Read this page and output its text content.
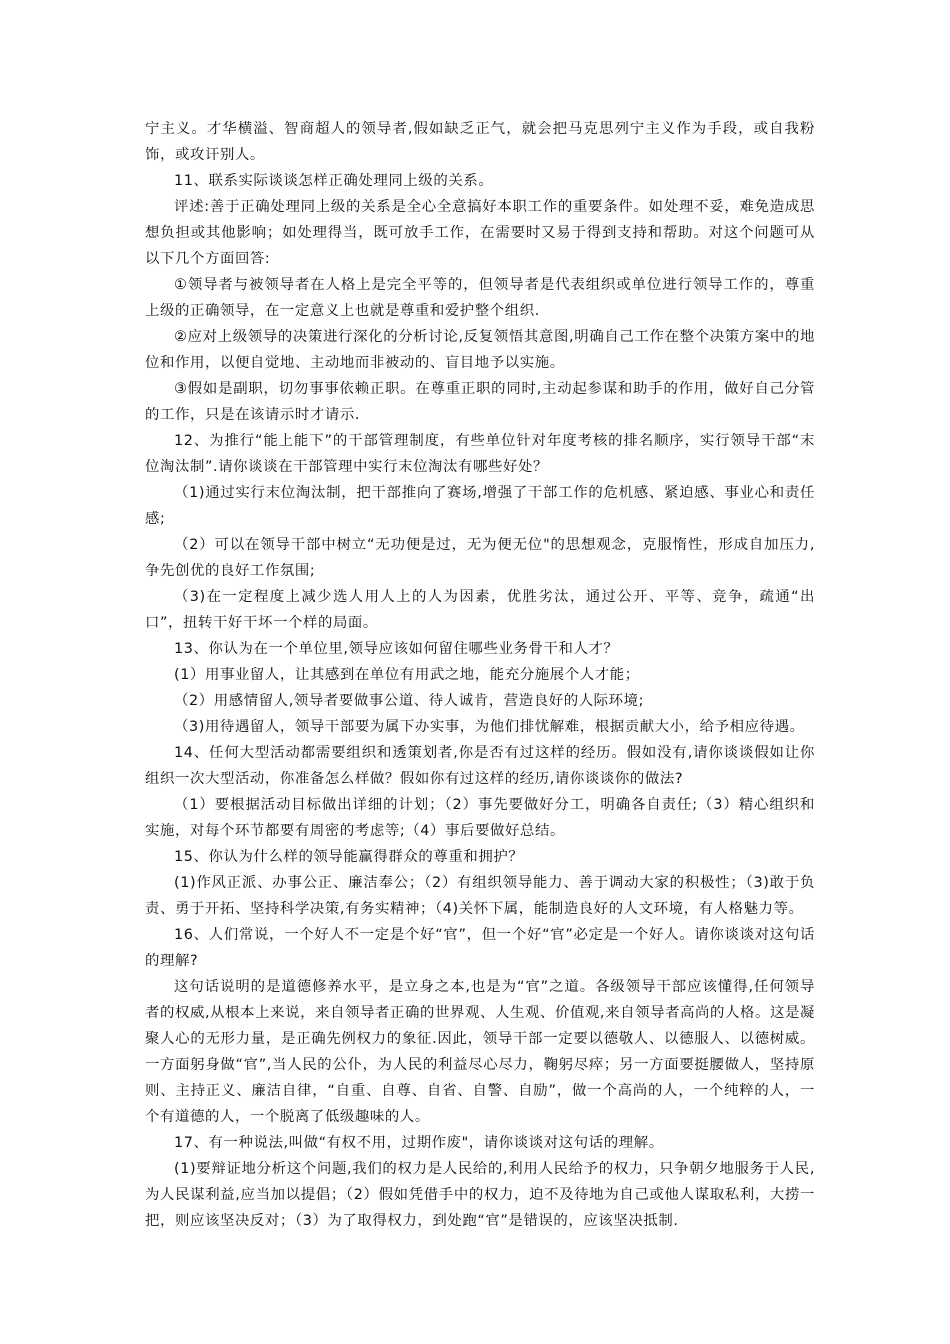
宁主义。才华横溢、智商超人的领导者,假如缺乏正气，就会把马克思列宁主义作为手段，或自我粉饰，或攻讦别人。

11、联系实际谈谈怎样正确处理同上级的关系。

评述:善于正确处理同上级的关系是全心全意搞好本职工作的重要条件。如处理不妥，难免造成思想负担或其他影响；如处理得当，既可放手工作，在需要时又易于得到支持和帮助。对这个问题可从以下几个方面回答:

①领导者与被领导者在人格上是完全平等的，但领导者是代表组织或单位进行领导工作的，尊重上级的正确领导，在一定意义上也就是尊重和爱护整个组织.

②应对上级领导的决策进行深化的分析讨论,反复领悟其意图,明确自己工作在整个决策方案中的地位和作用，以便自觉地、主动地而非被动的、盲目地予以实施。

③假如是副职，切勿事事依赖正职。在尊重正职的同时,主动起参谋和助手的作用，做好自己分管的工作，只是在该请示时才请示.

12、为推行“能上能下”的干部管理制度，有些单位针对年度考核的排名顺序，实行领导干部“末位淘汰制”.请你谈谈在干部管理中实行末位淘汰有哪些好处？

（1)通过实行末位淘汰制，把干部推向了赛场,增强了干部工作的危机感、紧迫感、事业心和责任感;

（2）可以在领导干部中树立“无功便是过，无为便无位"的思想观念，克服惰性，形成自加压力,争先创优的良好工作氛围;

（3)在一定程度上减少选人用人上的人为因素，优胜劣汰，通过公开、平等、竞争，疏通“出口”，扭转干好干坏一个样的局面。

13、你认为在一个单位里,领导应该如何留住哪些业务骨干和人才？

(1）用事业留人，让其感到在单位有用武之地，能充分施展个人才能；

（2）用感情留人,领导者要做事公道、待人诚肯，营造良好的人际环境;

（3)用待遇留人，领导干部要为属下办实事，为他们排忧解难，根据贡献大小，给予相应待遇。

14、任何大型活动都需要组织和透策划者,你是否有过这样的经历。假如没有,请你谈谈假如让你组织一次大型活动，你准备怎么样做？假如你有过这样的经历,请你谈谈你的做法?

（1）要根据活动目标做出详细的计划；（2）事先要做好分工，明确各自责任;（3）精心组织和实施，对每个环节都要有周密的考虑等;（4）事后要做好总结。

15、你认为什么样的领导能赢得群众的尊重和拥护？

(1)作风正派、办事公正、廉洁奉公；（2）有组织领导能力、善于调动大家的积极性；（3)敢于负责、勇于开拓、坚持科学决策,有务实精神；（4)关怀下属，能制造良好的人文环境，有人格魅力等。

16、人们常说，一个好人不一定是个好“官”，但一个好“官”必定是一个好人。请你谈谈对这句话的理解?

这句话说明的是道德修养水平，是立身之本,也是为“官”之道。各级领导干部应该懂得,任何领导者的权威,从根本上来说，来自领导者正确的世界观、人生观、价值观,来自领导者高尚的人格。这是凝聚人心的无形力量，是正确先例权力的象征.因此，领导干部一定要以德敬人、以德服人、以德树威。一方面躬身做“官”,当人民的公仆，为人民的利益尽心尽力，鞠躬尽瘁；另一方面要挺腰做人，坚持原则、主持正义、廉洁自律，“自重、自尊、自省、自警、自励”，做一个高尚的人，一个纯粹的人，一个有道德的人，一个脱离了低级趣味的人。

17、有一种说法,叫做“有权不用，过期作废"，请你谈谈对这句话的理解。

(1)要辩证地分析这个问题,我们的权力是人民给的,利用人民给予的权力，只争朝夕地服务于人民,为人民谋利益,应当加以提倡；（2）假如凭借手中的权力，迫不及待地为自己或他人谋取私利，大捞一把，则应该坚决反对；（3）为了取得权力，到处跑“官”是错误的，应该坚决抵制.
